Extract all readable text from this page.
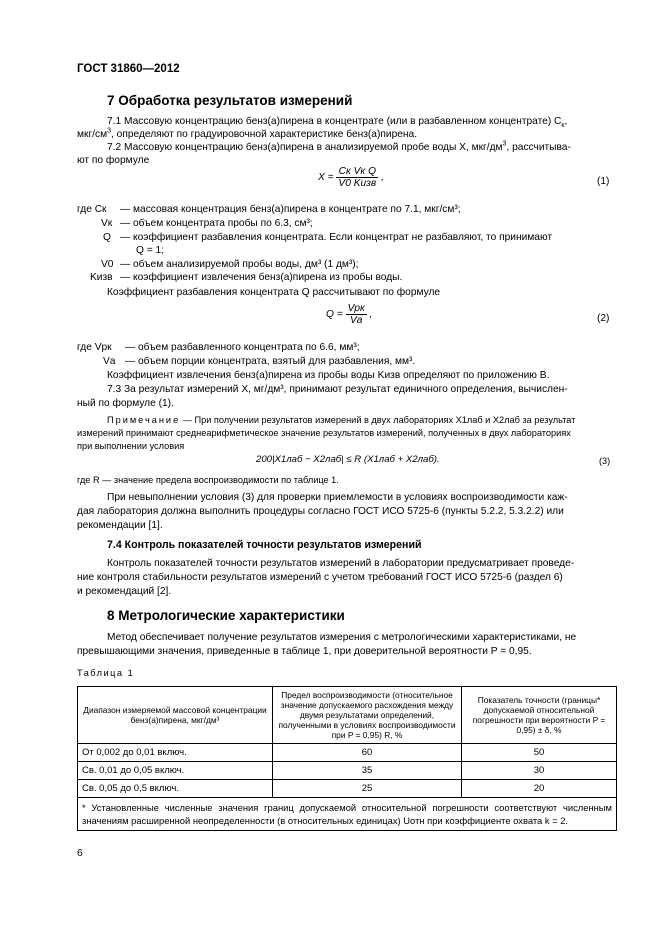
ГОСТ 31860—2012
7 Обработка результатов измерений
7.1 Массовую концентрацию бенз(а)пирена в концентрате (или в разбавленном концентрате) $C_к$,
мкг/$см^3$, определяют по градуировочной характеристике бенз(а)пирена.
7.2 Массовую концентрацию бенз(а)пирена в анализируемой пробе воды X, мкг/$дм^3$, рассчитыва-
ют по формуле
$X = \frac{\text{Cк Vк Q}}{\text{V0 Kизв}}$ ,	(1)
где Cк — массовая концентрация бенз(а)пирена в концентрате по 7.1, мкг/см³;
Vк — объем концентрата пробы по 6.3, см³;
Q — коэффициент разбавления концентрата. Если концентрат не разбавляют, то принимают
Q = 1;
V0 — объем анализируемой пробы воды, дм³ (1 дм³);
Kизв — коэффициент извлечения бенз(а)пирена из пробы воды.
Коэффициент разбавления концентрата Q рассчитывают по формуле
$Q = \frac{\text{Vрк}}{Vа}$ ,	(2)
где Vрк — объем разбавленного концентрата по 6.6, мм³;
Vа — объем порции концентрата, взятый для разбавления, мм³.
Коэффициент извлечения бенз(а)пирена из пробы воды Kизв определяют по приложению В.
7.3 За результат измерений X, мг/дм³, принимают результат единичного определения, вычислен-
ный по формуле (1).
Примечание — При получении результатов измерений в двух лабораториях X1лаб и X2лаб за результат
измерений принимают среднеарифметическое значение результатов измерений, полученных в двух лабораториях
при выполнении условия
200|X1лаб − X2лаб| ≤ R (X1лаб + X2лаб).	(3)
где R — значение предела воспроизводимости по таблице 1.
При невыполнении условия (3) для проверки приемлемости в условиях воспроизводимости каж-
дая лаборатория должна выполнить процедуры согласно ГОСТ ИСО 5725-6 (пункты 5.2.2, 5.3.2.2) или
рекомендации [1].
7.4 Контроль показателей точности результатов измерений
Контроль показателей точности результатов измерений в лаборатории предусматривает проведе-
ние контроля стабильности результатов измерений с учетом требований ГОСТ ИСО 5725-6 (раздел 6)
и рекомендаций [2].
8 Метрологические характеристики
Метод обеспечивает получение результатов измерения с метрологическими характеристиками, не
превышающими значения, приведенные в таблице 1, при доверительной вероятности P = 0,95.
Таблица 1
Диапазон измеряемой массовой концентрации бенз(а)пирена, мкг/дм³	Предел воспроизводимости (относительное значение допускаемого расхождения между двумя результатами определений, полученными в условиях воспроизводимости при P = 0,95) R, %	Показатель точности (границы* допускаемой относительной погрешности при вероятности P = 0,95) ± δ, %
От 0,002 до 0,01 включ.	60	50
Св. 0,01 до 0,05 включ.	35	30
Св. 0,05 до 0,5 включ.	25	20
* Установленные численные значения границ допускаемой относительной погрешности соответствуют численным значениям расширенной неопределенности (в относительных единицах) Uотн при коэффициенте охвата k = 2.		
6
